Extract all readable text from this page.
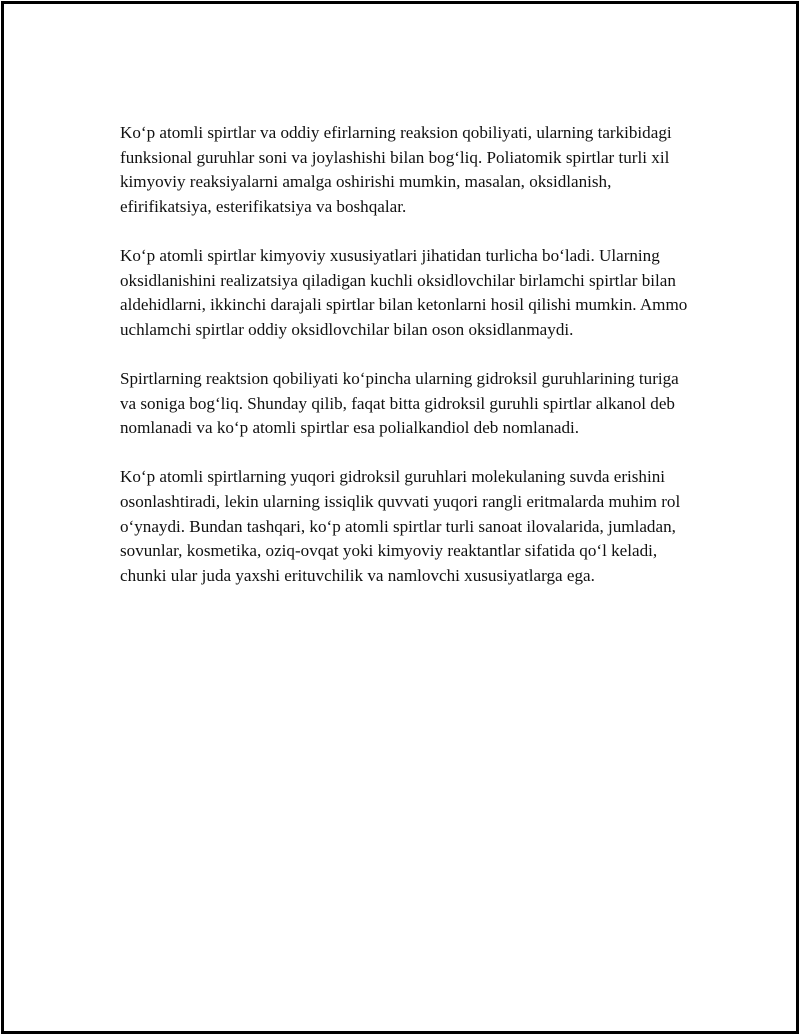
Ko‘p atomli spirtlar va oddiy efirlarning reaksion qobiliyati, ularning tarkibidagi funksional guruhlar soni va joylashishi bilan bog‘liq. Poliatomik spirtlar turli xil kimyoviy reaksiyalarni amalga oshirishi mumkin, masalan, oksidlanish, efirifikatsiya, esterifikatsiya va boshqalar.

Ko‘p atomli spirtlar kimyoviy xususiyatlari jihatidan turlicha bo‘ladi. Ularning oksidlanishini realizatsiya qiladigan kuchli oksidlovchilar birlamchi spirtlar bilan aldehidlarni, ikkinchi darajali spirtlar bilan ketonlarni hosil qilishi mumkin. Ammo uchlamchi spirtlar oddiy oksidlovchilar bilan oson oksidlanmaydi.

Spirtlarning reaktsion qobiliyati ko‘pincha ularning gidroksil guruhlarining turiga va soniga bog‘liq. Shunday qilib, faqat bitta gidroksil guruhli spirtlar alkanol deb nomlanadi va ko‘p atomli spirtlar esa polialkandiol deb nomlanadi.

Ko‘p atomli spirtlarning yuqori gidroksil guruhlari molekulaning suvda erishini osonlashtiradi, lekin ularning issiqlik quvvati yuqori rangli eritmalarda muhim rol o‘ynaydi. Bundan tashqari, ko‘p atomli spirtlar turli sanoat ilovalarida, jumladan, sovunlar, kosmetika, oziq-ovqat yoki kimyoviy reaktantlar sifatida qo‘l keladi, chunki ular juda yaxshi erituvchilik va namlovchi xususiyatlarga ega.
